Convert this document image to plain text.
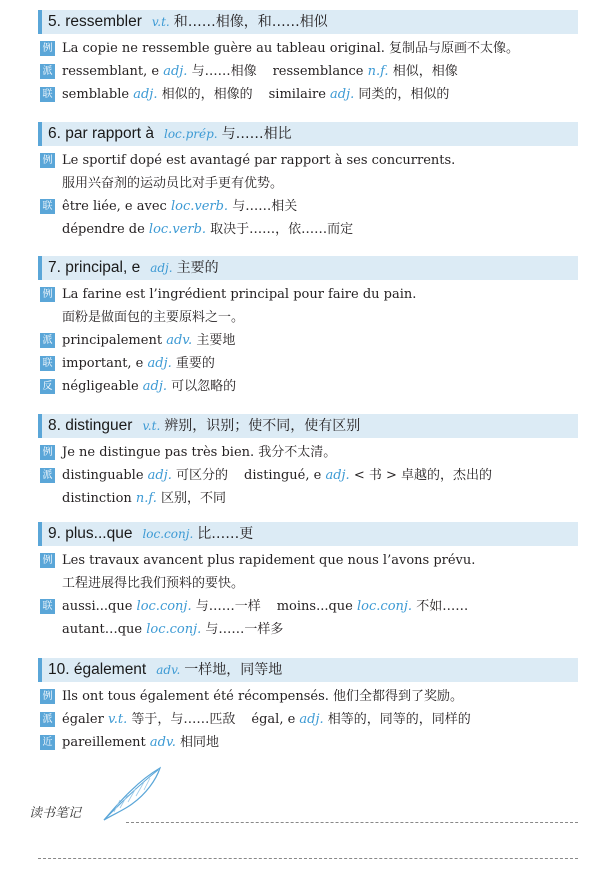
5. ressembler v.t. 和……相像，和……相似
例 La copie ne ressemble guère au tableau original. 复制品与原画不太像。
派 ressemblant, e adj. 与……相像 ressemblance n.f. 相似，相像
联 semblable adj. 相似的，相像的 similaire adj. 同类的，相似的
6. par rapport à loc.prép. 与……相比
例 Le sportif dopé est avantagé par rapport à ses concurrents.
服用兴奋剂的运动员比对手更有优势。
联 être liée, e avec loc.verb. 与……相关
dépendre de loc.verb. 取决于……，依……而定
7. principal, e adj. 主要的
例 La farine est l’ingrédient principal pour faire du pain.
面粉是做面包的主要原料之一。
派 principalement adv. 主要地
联 important, e adj. 重要的
反 négligeable adj. 可以忽略的
8. distinguer v.t. 辨别，识别；使不同，使有区别
例 Je ne distingue pas très bien. 我分不太清。
派 distinguable adj. 可区分的 distingué, e adj. < 书 > 卓越的，杰出的
distinction n.f. 区别，不同
9. plus...que loc.conj. 比……更
例 Les travaux avancent plus rapidement que nous l’avons prévu.
工程进展得比我们预料的要快。
联 aussi...que loc.conj. 与……一样 moins...que loc.conj. 不如……
autant…que loc.conj. 与……一样多
10. également adv. 一样地，同等地
例 Ils ont tous également été récompensés. 他们全都得到了奖励。
派 égaler v.t. 等于，与……匹敌 égal, e adj. 相等的，同等的，同样的
近 pareillement adv. 相同地
读书笔记
